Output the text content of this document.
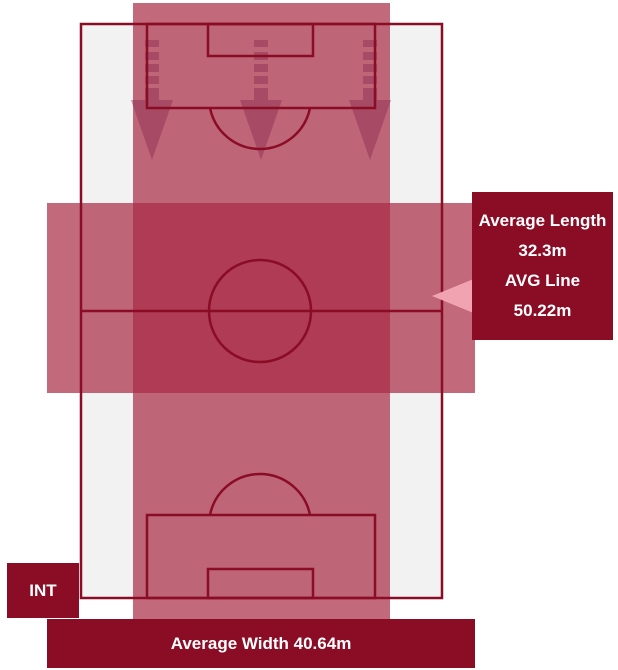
Average Width 40.64m
INT
Average Length 32.3m
AVG Line
50.22m
